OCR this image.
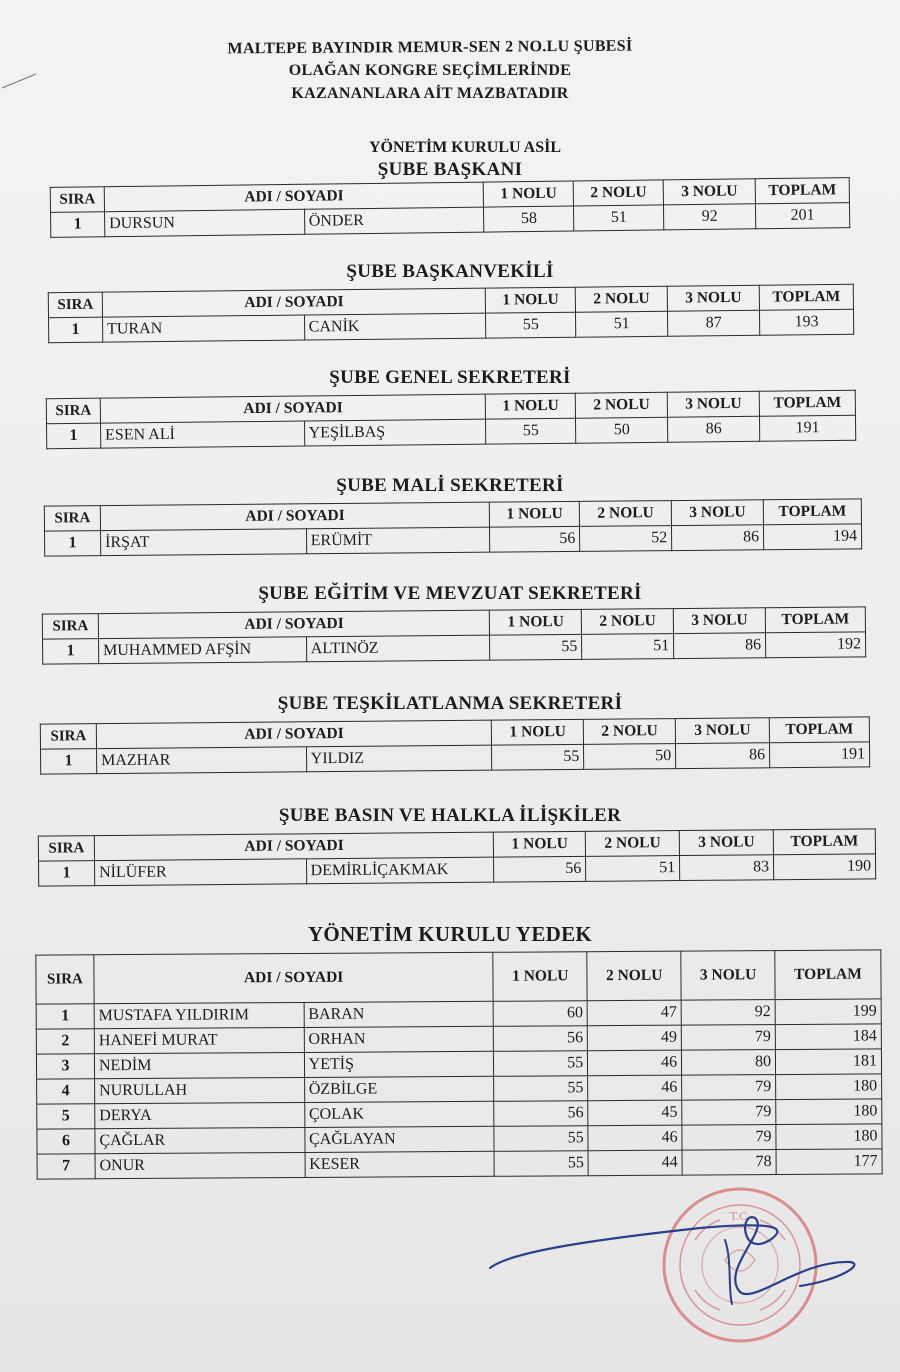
MALTEPE BAYINDIR MEMUR-SEN 2 NO.LU ŞUBESİ
OLAĞAN KONGRE SEÇİMLERİNDE
KAZANANLARA AİT MAZBATADIR
YÖNETİM KURULU ASİL
ŞUBE BAŞKANI
SIRA	ADI / SOYADI		1 NOLU	2 NOLU	3 NOLU	TOPLAM
1	DURSUN	ÖNDER	58	51	92	201
ŞUBE BAŞKANVEKİLİ
SIRA	ADI / SOYADI		1 NOLU	2 NOLU	3 NOLU	TOPLAM
1	TURAN	CANİK	55	51	87	193
ŞUBE GENEL SEKRETERİ
SIRA	ADI / SOYADI		1 NOLU	2 NOLU	3 NOLU	TOPLAM
1	ESEN ALİ	YEŞİLBAŞ	55	50	86	191
ŞUBE MALİ SEKRETERİ
SIRA	ADI / SOYADI		1 NOLU	2 NOLU	3 NOLU	TOPLAM
1	İRŞAT	ERÜMİT	56	52	86	194
ŞUBE EĞİTİM VE MEVZUAT SEKRETERİ
SIRA	ADI / SOYADI		1 NOLU	2 NOLU	3 NOLU	TOPLAM
1	MUHAMMED AFŞİN	ALTINÖZ	55	51	86	192
ŞUBE TEŞKİLATLANMA SEKRETERİ
SIRA	ADI / SOYADI		1 NOLU	2 NOLU	3 NOLU	TOPLAM
1	MAZHAR	YILDIZ	55	50	86	191
ŞUBE BASIN VE HALKLA İLİŞKİLER
SIRA	ADI / SOYADI		1 NOLU	2 NOLU	3 NOLU	TOPLAM
1	NİLÜFER	DEMİRLİÇAKMAK	56	51	83	190
YÖNETİM KURULU YEDEK
SIRA	ADI / SOYADI		1 NOLU	2 NOLU	3 NOLU	TOPLAM
1	MUSTAFA YILDIRIM	BARAN	60	47	92	199
2	HANEFİ MURAT	ORHAN	56	49	79	184
3	NEDİM	YETİŞ	55	46	80	181
4	NURULLAH	ÖZBİLGE	55	46	79	180
5	DERYA	ÇOLAK	56	45	79	180
6	ÇAĞLAR	ÇAĞLAYAN	55	46	79	180
7	ONUR	KESER	55	44	78	177
T.C.
